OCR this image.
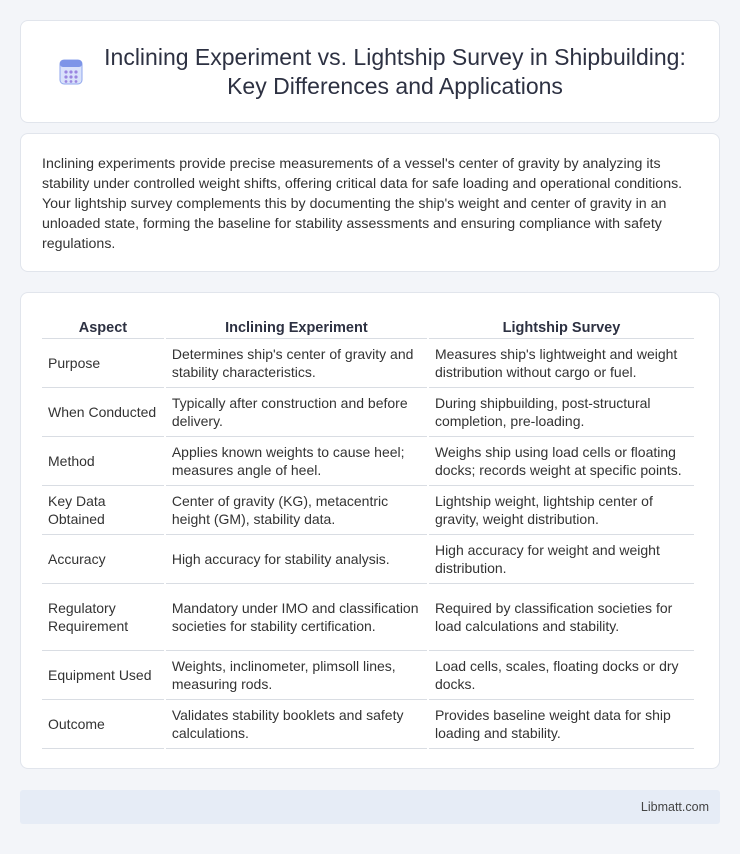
Inclining Experiment vs. Lightship Survey in Shipbuilding:
Key Differences and Applications

Inclining experiments provide precise measurements of a vessel's center of gravity by analyzing its stability under controlled weight shifts, offering critical data for safe loading and operational conditions. Your lightship survey complements this by documenting the ship's weight and center of gravity in an unloaded state, forming the baseline for stability assessments and ensuring compliance with safety regulations.

Aspect	Inclining Experiment	Lightship Survey
Purpose	Determines ship's center of gravity and stability characteristics.	Measures ship's lightweight and weight distribution without cargo or fuel.
When Conducted	Typically after construction and before delivery.	During shipbuilding, post-structural completion, pre-loading.
Method	Applies known weights to cause heel; measures angle of heel.	Weighs ship using load cells or floating docks; records weight at specific points.
Key Data Obtained	Center of gravity (KG), metacentric height (GM), stability data.	Lightship weight, lightship center of gravity, weight distribution.
Accuracy	High accuracy for stability analysis.	High accuracy for weight and weight distribution.
Regulatory Requirement	Mandatory under IMO and classification societies for stability certification.	Required by classification societies for load calculations and stability.
Equipment Used	Weights, inclinometer, plimsoll lines, measuring rods.	Load cells, scales, floating docks or dry docks.
Outcome	Validates stability booklets and safety calculations.	Provides baseline weight data for ship loading and stability.
Libmatt.com
